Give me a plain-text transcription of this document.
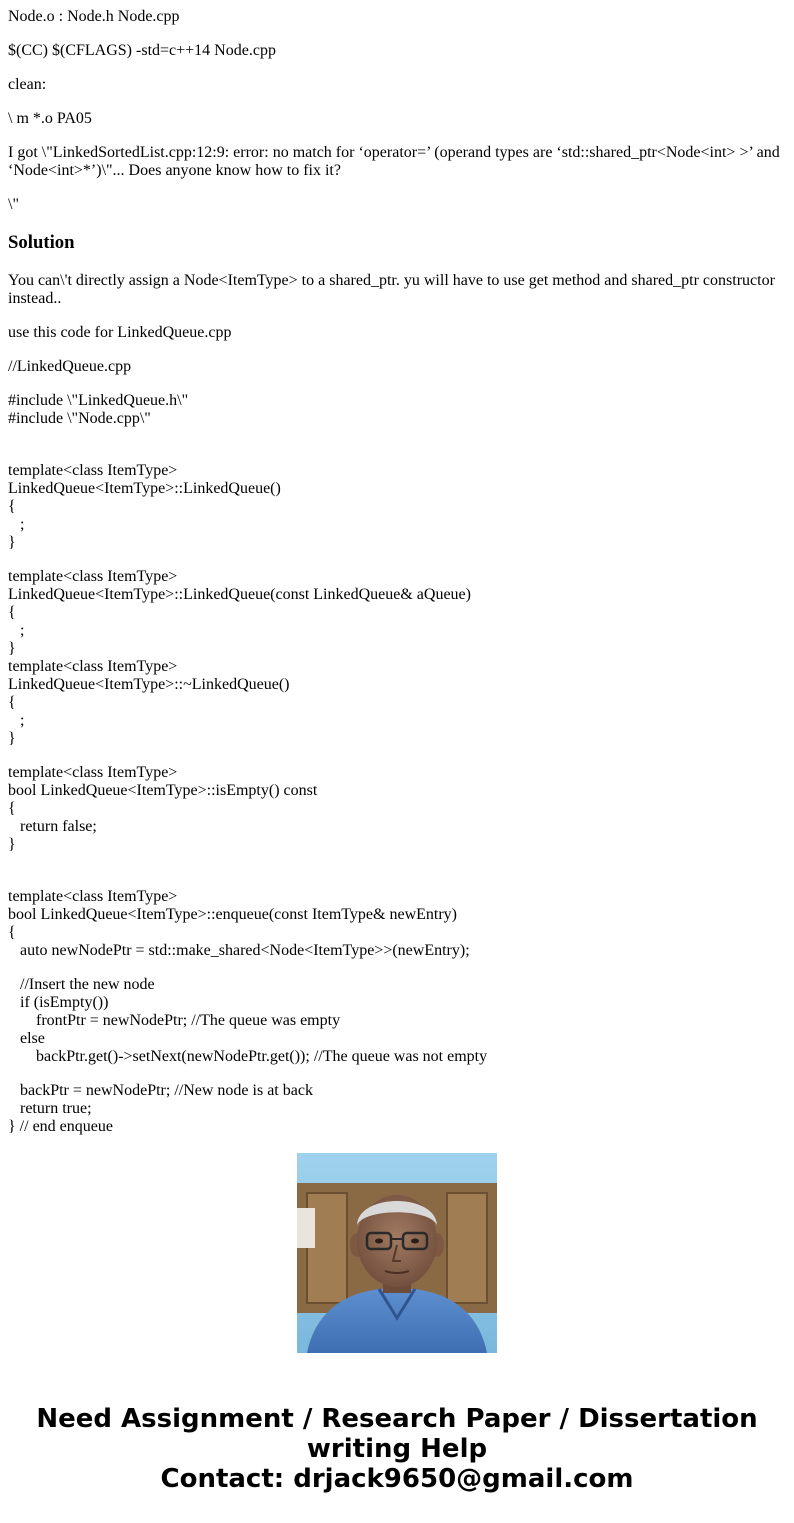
Node.o : Node.h Node.cpp

$(CC) $(CFLAGS) -std=c++14 Node.cpp

clean:

\ m *.o PA05

I got \"LinkedSortedList.cpp:12:9: error: no match for ‘operator=’ (operand types are ‘std::shared_ptr<Node<int> >’ and ‘Node<int>*’)\"... Does anyone know how to fix it?

\"

Solution

You can\'t directly assign a Node<ItemType> to a shared_ptr. yu will have to use get method and shared_ptr constructor instead..

use this code for LinkedQueue.cpp

//LinkedQueue.cpp

#include \"LinkedQueue.h\"
#include \"Node.cpp\"

template<class ItemType>
LinkedQueue<ItemType>::LinkedQueue()
{
;
}
template<class ItemType>
LinkedQueue<ItemType>::LinkedQueue(const LinkedQueue& aQueue)
{
;
}
template<class ItemType>
LinkedQueue<ItemType>::~LinkedQueue()
{
;
}
template<class ItemType>
bool LinkedQueue<ItemType>::isEmpty() const
{
return false;
}

template<class ItemType>
bool LinkedQueue<ItemType>::enqueue(const ItemType& newEntry)
{
auto newNodePtr = std::make_shared<Node<ItemType>>(newEntry);
//Insert the new node
if (isEmpty())
frontPtr = newNodePtr; //The queue was empty
else
backPtr.get()->setNext(newNodePtr.get()); //The queue was not empty
backPtr = newNodePtr; //New node is at back
return true;
} // end enqueue
Need Assignment / Research Paper / Dissertation
writing Help
Contact: drjack9650@gmail.com
